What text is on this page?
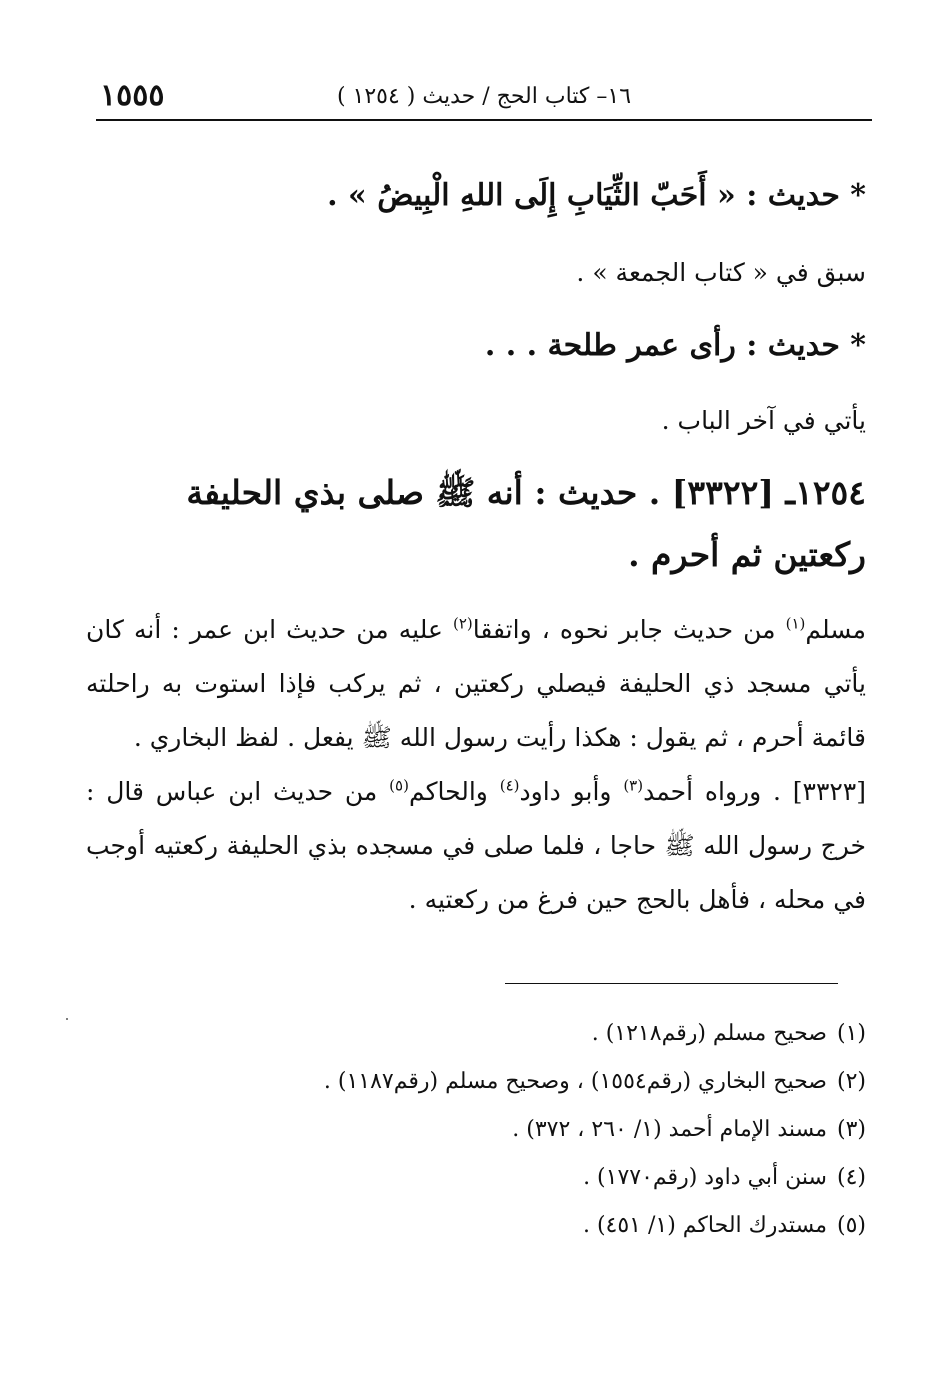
١٦– كتاب الحج / حديث ( ١٢٥٤ )
١٥٥٥
* حديث : « أَحَبّ الثِّيَابِ إِلَى اللهِ الْبِيضُ » .
سبق في « كتاب الجمعة » .
* حديث : رأى عمر طلحة . . .
يأتي في آخر الباب .
١٢٥٤ـ [٣٣٢٢] . حديث : أنه ﷺ صلى بذي الحليفة ركعتين ثم أحرم .
مسلم$^{(١)}$ من حديث جابر نحوه ، واتفقا$^{(٢)}$ عليه من حديث ابن عمر : أنه كان يأتي مسجد ذي الحليفة فيصلي ركعتين ، ثم يركب فإذا استوت به راحلته قائمة أحرم ، ثم يقول : هكذا رأيت رسول الله ﷺ يفعل . لفظ البخاري .
[٣٣٢٣] . ورواه أحمد$^{(٣)}$ وأبو داود$^{(٤)}$ والحاكم$^{(٥)}$ من حديث ابن عباس قال : خرج رسول الله ﷺ حاجا ، فلما صلى في مسجده بذي الحليفة ركعتيه أوجب في محله ، فأهل بالحج حين فرغ من ركعتيه .
(١)صحيح مسلم (رقم١٢١٨) .
(٢)صحيح البخاري (رقم١٥٥٤) ، وصحيح مسلم (رقم١١٨٧) .
(٣)مسند الإمام أحمد (١/ ٢٦٠ ، ٣٧٢) .
(٤)سنن أبي داود (رقم١٧٧٠) .
(٥)مستدرك الحاكم (١/ ٤٥١) .
